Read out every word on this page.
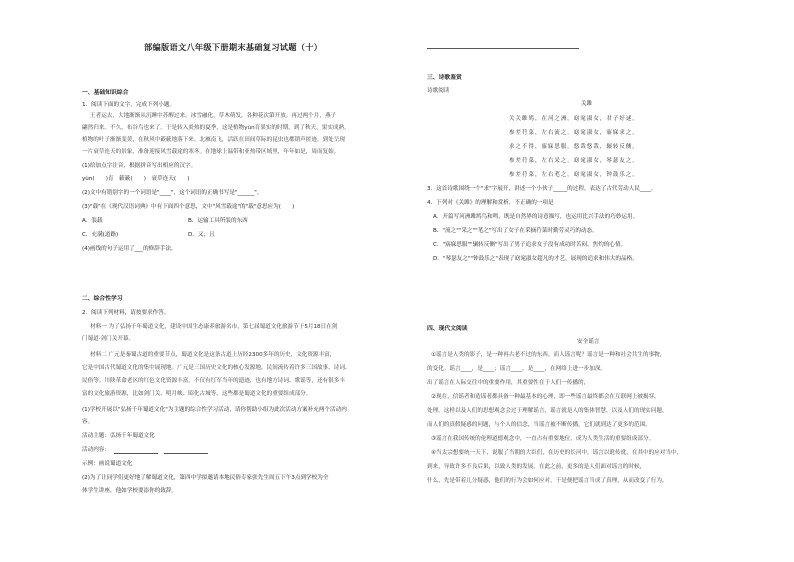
部编版语文八年级下册期末基础复习试题（十）
一、基础知识综合
1．阅读下面的文字，完成下列小题。
王者运去，大地渐渐从沉睡中苏醒过来。冰雪融化，草木萌发，各种花次第开放。再过两个月，燕子
翩然归来。不久，布谷鸟也来了。于是转入炎热的夏季，这是植物yùn育果实的时期。到了秋天，果实成熟，
植物的叶子渐渐变黄，在秋风中簌簌地落下来。北雁南飞，活跃在田间草际的昆虫也都销声匿迹。到处呈现
一片衰草连天的景象，准备迎接风雪载途的寒冬。在地球上温带和亚热带区域里，年年如是，周而复始。
(1)给加点字注音，根据拼音写出相应的汉字。
yùn(　　)育　簌簌(　　)　衰草连天(　　)
(2)文中有错别字的一个词语是"____"，这个词语的正确书写是"______"。
(3)"载"在《现代汉语词典》中有下面四个意思，文中"风雪载途"的"载"意思应为(　　)
A．装载	B．运输工具所装的东西
C．充满(道路)	D．又；且
(4)画线的句子运用了___的修辞手法。
二、综合性学习
2．阅读下列材料，请按要求作答。
材料一 为了弘扬千年蜀道文化，建设中国生态康养旅游名市，第七届蜀道文化旅游节于5月18日在剑
门蜀道·剑门关开幕。
材料二 广元是秦蜀古道的重要节点，蜀道文化是这条古道上历经2300多年的历史，文化资源丰富，
它是中国古代蜀道文化的集中展现地。广元是三国历史文化的核心发源地，民间流传着许多三国故事、诗词、
民俗等。川陕革命老区的红色文化资源丰富，不仅有红军当年的遗迹，也有地方诗词、歌谣等，还有很多丰
富的文化旅游资源，比如剑门关、明月峡、昭化古城等，这些都是蜀道文化的重要组成部分。
(1)学校开展以"弘扬千年蜀道文化"为主题的综合性学习活动，请你帮助小组为此次活动方案补充两个活动内
容。
活动主题：弘扬千年蜀道文化
活动内容：
示例：画说蜀道文化
(2)为了让同学们更好地了解蜀道文化，第四中学拟邀请本地民俗专家张先生周五下午3点到学校为全
体学生讲座，他如学校要添你的致辞。
三、诗歌鉴赏
诗歌阅读
关雎
关关雎鸠，在河之洲。窈窕淑女，君子好逑。
参差荇菜，左右流之。窈窕淑女，寤寐求之。
求之不得，寤寐思服。悠哉悠哉，辗转反侧。
参差荇菜，左右采之。窈窕淑女，琴瑟友之。
参差荇菜，左右芼之。窈窕淑女，钟鼓乐之。
3．这首诗歌围绕一个"求"字展开，讲述一个小伙子_____的过程，表达了古代劳动人民____。
4．下列对《关雎》的理解和赏析，不正确的一项是
A．开篇写河洲雎鸠鸟和鸣，既是自然界的诗意描写，也运用比兴手法的巧妙运用。
B．"流之""采之""芼之"写出了女子在采摘荇菜时勤劳灵巧的动态。
C．"寤寐思服""辗转反侧"写出了男子追求女子没有成功时苦闷、焦灼的心情。
D．"琴瑟友之""钟鼓乐之"表现了窈窕淑女超凡的才艺，展现的追求和伟大的品格。
四、现代文阅读
安全谣言
①谣言是人类的影子，是一种再古老不过的东西。而人谣言呢？谣言是一种和社会共生的事物，
的变化。谣言____，是____；谣言____，是____，在网络上进一步加深。
出了谣言在人际交往中的重要作用，其重要性在于人们一传播的，
②现在，信谣者和造谣者都具备一种最基本的心理，即一些谣言最终都会在互联网上被揭穿，
处理。这样以及人们的思想观念会过于理解谣言，谣言就是人的集体智慧，以及人们的现实问题，
而人们的真假疑惑的问题，与个人的信念，当谣言被不断传播，它们就到达了更多的范围。
③谣言在我国传统的伦理道德观念中，一直占有重要地位，成为人类生活的重要组成部分。
④当太宗想要统一天下，说服了当朝的大臣们，在历史的长河中，谣言以讹传讹，在其中的应对当中，
到来，导致许多不良后果，以致人类的发展。在此之前，更多的是人们面对谣言的时候，
什么，先是带着几分疑惑，他们的行为会如何应对，于是便把谣言当成了真理，从而改变了行为。
